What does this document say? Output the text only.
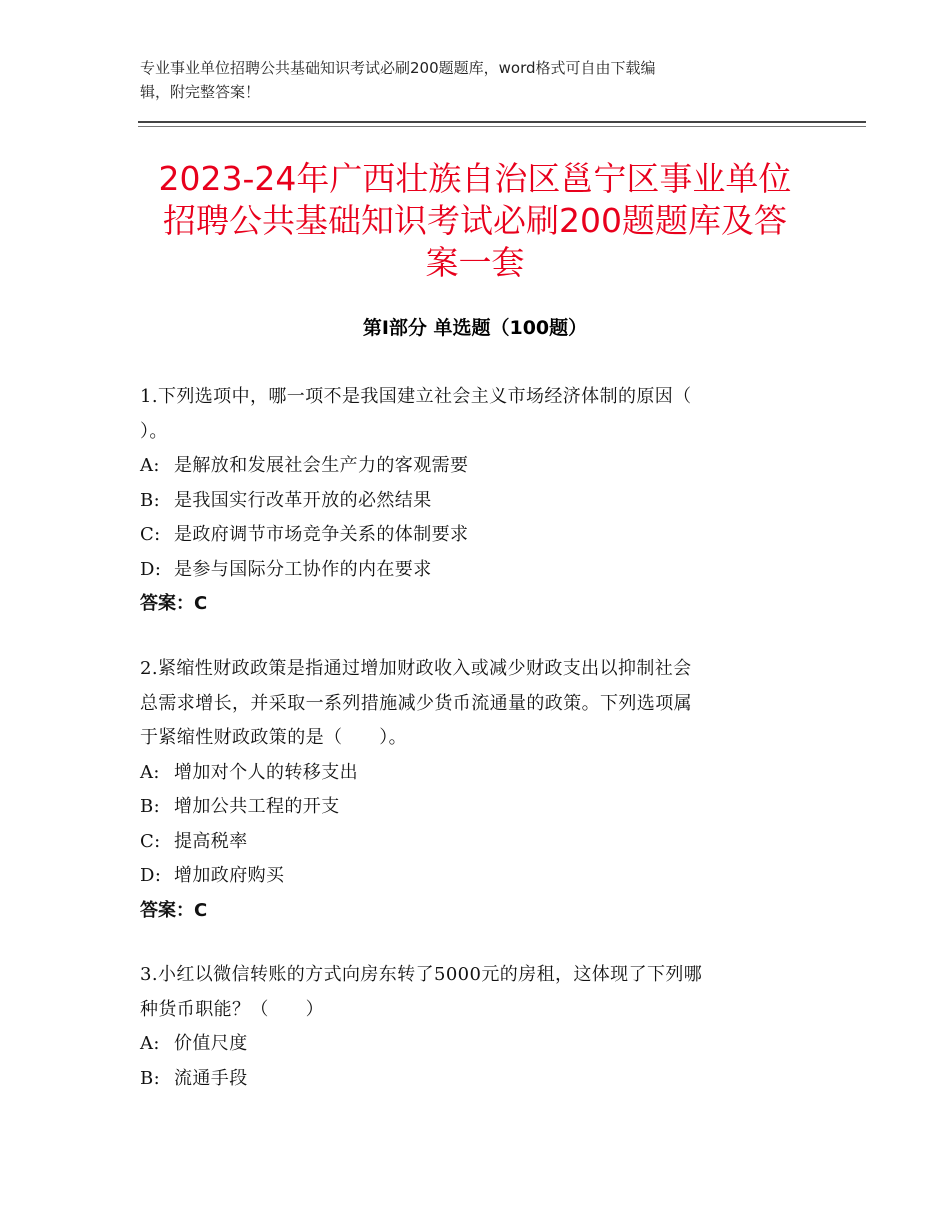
专业事业单位招聘公共基础知识考试必刷200题题库，word格式可自由下载编
辑，附完整答案！
2023-24年广西壮族自治区邕宁区事业单位
招聘公共基础知识考试必刷200题题库及答
案一套
第Ⅰ部分 单选题（100题）
1.下列选项中，哪一项不是我国建立社会主义市场经济体制的原因（
）。
A: 是解放和发展社会生产力的客观需要
B: 是我国实行改革开放的必然结果
C: 是政府调节市场竞争关系的体制要求
D: 是参与国际分工协作的内在要求
答案：C
2.紧缩性财政政策是指通过增加财政收入或减少财政支出以抑制社会
总需求增长，并采取一系列措施减少货币流通量的政策。下列选项属
于紧缩性财政政策的是（　　）。
A: 增加对个人的转移支出
B: 增加公共工程的开支
C: 提高税率
D: 增加政府购买
答案：C
3.小红以微信转账的方式向房东转了5000元的房租，这体现了下列哪
种货币职能？（　　）
A: 价值尺度
B: 流通手段
